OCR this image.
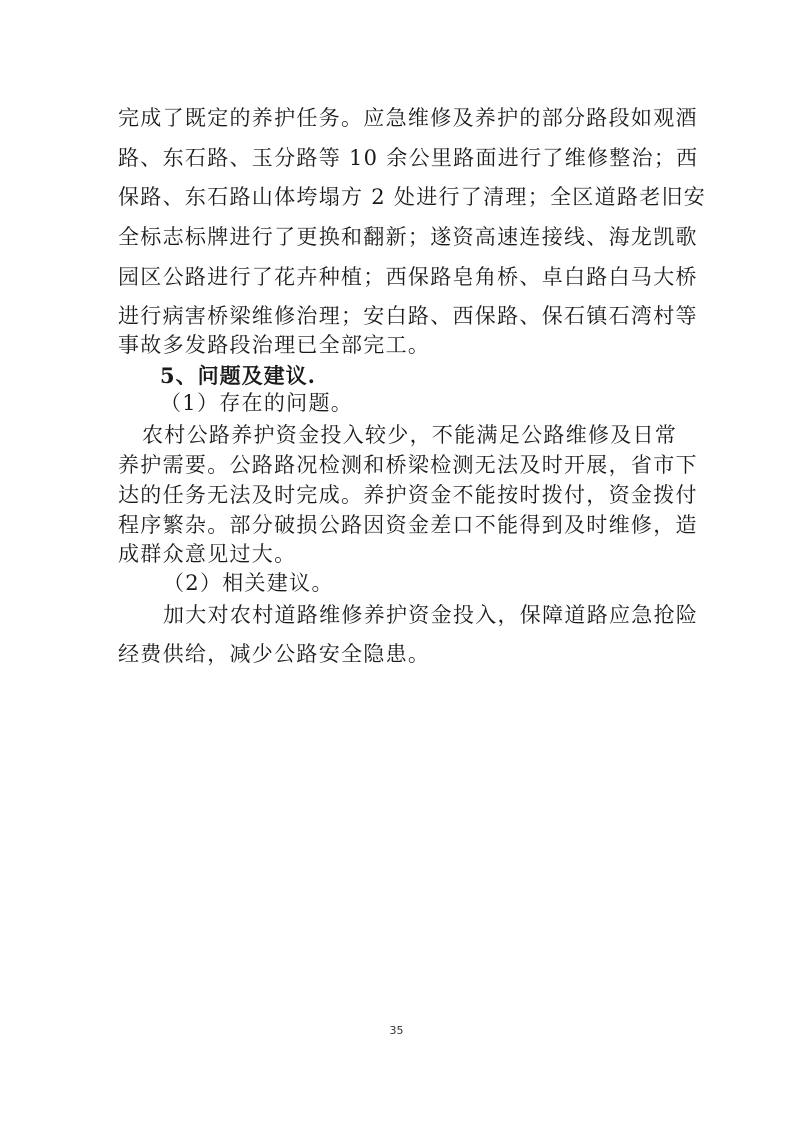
完成了既定的养护任务。应急维修及养护的部分路段如观酒
路、东石路、玉分路等 10 余公里路面进行了维修整治；西
保路、东石路山体垮塌方 2 处进行了清理；全区道路老旧安
全标志标牌进行了更换和翻新；遂资高速连接线、海龙凯歌
园区公路进行了花卉种植；西保路皂角桥、卓白路白马大桥
进行病害桥梁维修治理；安白路、西保路、保石镇石湾村等
事故多发路段治理已全部完工。
5、问题及建议.
（1）存在的问题。
农村公路养护资金投入较少，不能满足公路维修及日常
养护需要。公路路况检测和桥梁检测无法及时开展，省市下
达的任务无法及时完成。养护资金不能按时拨付，资金拨付
程序繁杂。部分破损公路因资金差口不能得到及时维修，造
成群众意见过大。
（2）相关建议。
加大对农村道路维修养护资金投入，保障道路应急抢险
经费供给，减少公路安全隐患。
35
